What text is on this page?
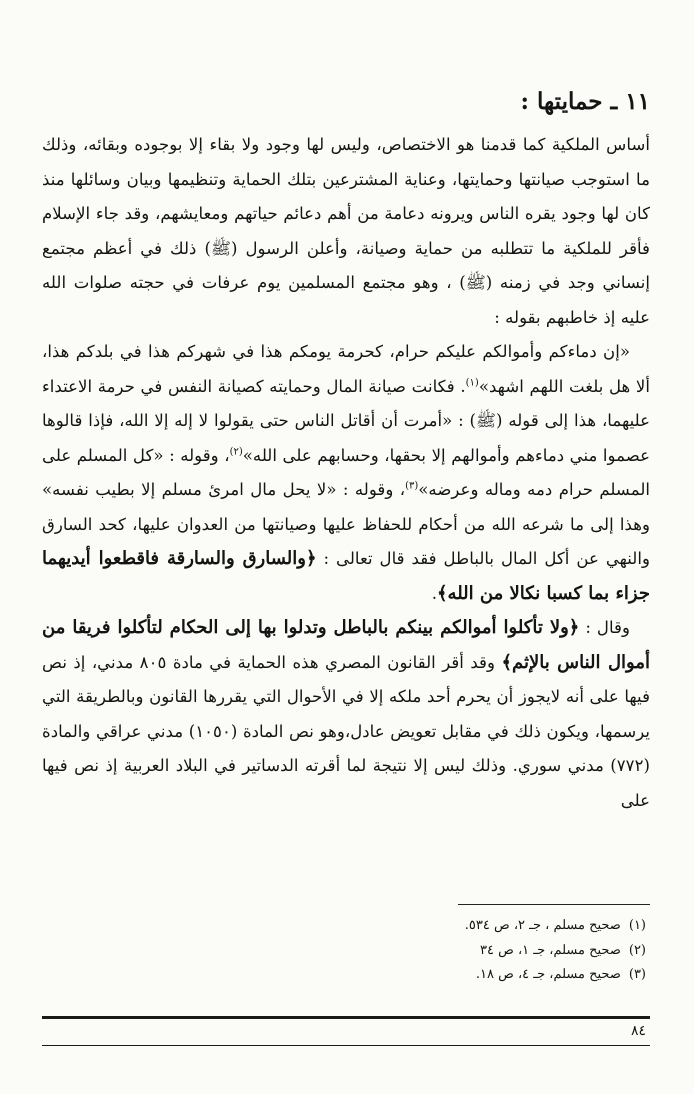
١١ ـ حمايتها :

أساس الملكية كما قدمنا هو الاختصاص، وليس لها وجود ولا بقاء إلا بوجوده وبقائه، وذلك ما استوجب صيانتها وحمايتها، وعناية المشترعين بتلك الحماية وتنظيمها وبيان وسائلها منذ كان لها وجود يقره الناس ويرونه دعامة من أهم دعائم حياتهم ومعايشهم، وقد جاء الإسلام فأقر للملكية ما تتطلبه من حماية وصيانة، وأعلن الرسول (ﷺ) ذلك في أعظم مجتمع إنساني وجد في زمنه (ﷺ) ، وهو مجتمع المسلمين يوم عرفات في حجته صلوات الله عليه إذ خاطبهم بقوله :

«إن دماءكم وأموالكم عليكم حرام، كحرمة يومكم هذا في شهركم هذا في بلدكم هذا، ألا هل بلغت اللهم اشهد»$^{(١)}$. فكانت صيانة المال وحمايته كصيانة النفس في حرمة الاعتداء عليهما، هذا إلى قوله (ﷺ) : «أمرت أن أقاتل الناس حتى يقولوا لا إله إلا الله، فإذا قالوها عصموا مني دماءهم وأموالهم إلا بحقها، وحسابهم على الله»$^{(٢)}$، وقوله : «كل المسلم على المسلم حرام دمه وماله وعرضه»$^{(٣)}$، وقوله : «لا يحل مال امرئ مسلم إلا بطيب نفسه» وهذا إلى ما شرعه الله من أحكام للحفاظ عليها وصيانتها من العدوان عليها، كحد السارق والنهي عن أكل المال بالباطل فقد قال تعالى : ﴿والسارق والسارقة فاقطعوا أيديهما جزاء بما كسبا نكالا من الله﴾.

وقال : ﴿ولا تأكلوا أموالكم بينكم بالباطل وتدلوا بها إلى الحكام لتأكلوا فريقا من أموال الناس بالإثم﴾ وقد أقر القانون المصري هذه الحماية في مادة ٨٠٥ مدني، إذ نص فيها على أنه لايجوز أن يحرم أحد ملكه إلا في الأحوال التي يقررها القانون وبالطريقة التي يرسمها، ويكون ذلك في مقابل تعويض عادل،وهو نص المادة (١٠٥٠) مدني عراقي والمادة (٧٧٢) مدني سوري. وذلك ليس إلا نتيجة لما أقرته الدساتير في البلاد العربية إذ نص فيها على

(١)صحيح مسلم ، جـ ٢، ص ٥٣٤.
(٢)صحيح مسلم، جـ ١، ص ٣٤
(٣)صحيح مسلم، جـ ٤، ص ١٨.

٨٤
